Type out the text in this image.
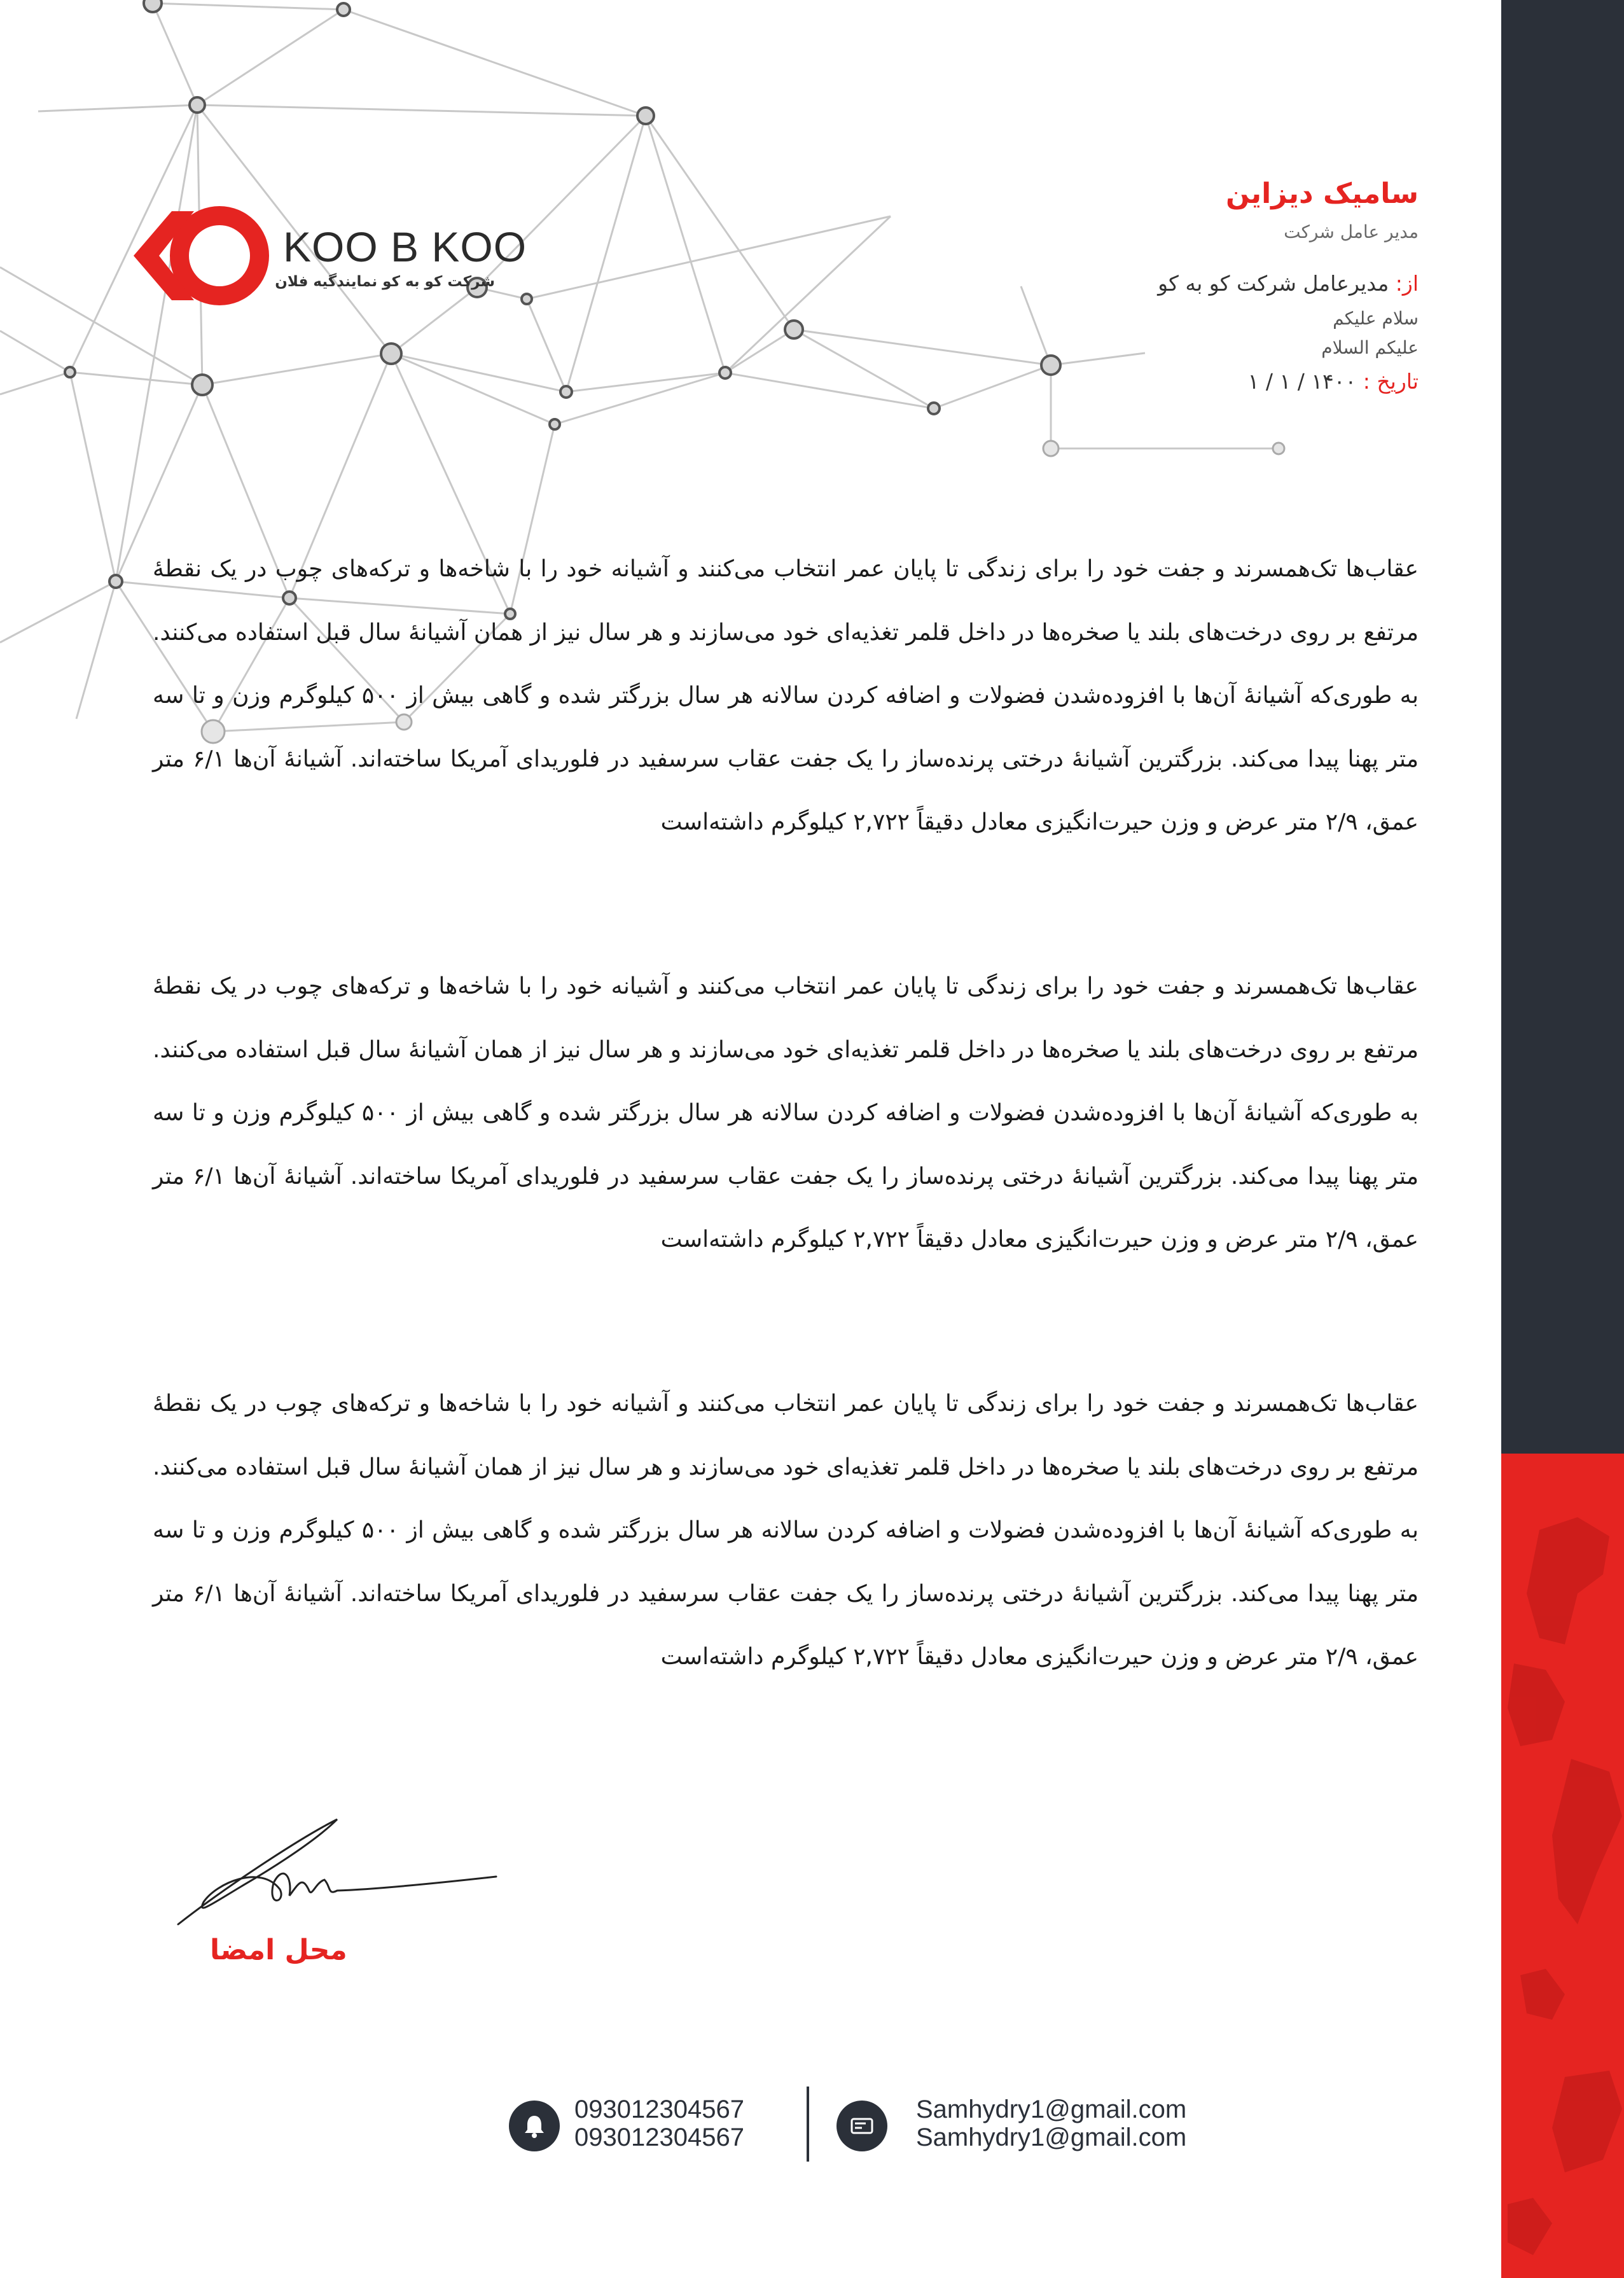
KOO B KOO
شرکت کو به کو نمایندگیه فلان
سامیک دیزاین
مدیر عامل شرکت
از: مدیرعامل شرکت کو به کو
سلام علیکم
علیکم السلام
تاریخ : ۱۴۰۰ / ۱ / ۱

عقاب‌ها تک‌همسرند و جفت خود را برای زندگی تا پایان عمر انتخاب می‌کنند و آشیانه خود را با شاخه‌ها و ترکه‌های چوب در یک نقطهٔ مرتفع بر روی درخت‌های بلند یا صخره‌ها در داخل قلمر تغذیه‌ای خود می‌سازند و هر سال نیز از همان آشیانهٔ سال قبل استفاده می‌کنند. به طوری‌که آشیانهٔ آن‌ها با افزوده‌شدن فضولات و اضافه کردن سالانه هر سال بزرگتر شده و گاهی بیش از ۵۰۰ کیلوگرم وزن و تا سه متر پهنا پیدا می‌کند. بزرگترین آشیانهٔ درختی پرنده‌ساز را یک جفت عقاب سرسفید در فلوریدای آمریکا ساخته‌اند. آشیانهٔ آن‌ها ۶/۱ متر عمق، ۲/۹ متر عرض و وزن حیرت‌انگیزی معادل دقیقاً ۲,۷۲۲ کیلوگرم داشته‌است

عقاب‌ها تک‌همسرند و جفت خود را برای زندگی تا پایان عمر انتخاب می‌کنند و آشیانه خود را با شاخه‌ها و ترکه‌های چوب در یک نقطهٔ مرتفع بر روی درخت‌های بلند یا صخره‌ها در داخل قلمر تغذیه‌ای خود می‌سازند و هر سال نیز از همان آشیانهٔ سال قبل استفاده می‌کنند. به طوری‌که آشیانهٔ آن‌ها با افزوده‌شدن فضولات و اضافه کردن سالانه هر سال بزرگتر شده و گاهی بیش از ۵۰۰ کیلوگرم وزن و تا سه متر پهنا پیدا می‌کند. بزرگترین آشیانهٔ درختی پرنده‌ساز را یک جفت عقاب سرسفید در فلوریدای آمریکا ساخته‌اند. آشیانهٔ آن‌ها ۶/۱ متر عمق، ۲/۹ متر عرض و وزن حیرت‌انگیزی معادل دقیقاً ۲,۷۲۲ کیلوگرم داشته‌است

عقاب‌ها تک‌همسرند و جفت خود را برای زندگی تا پایان عمر انتخاب می‌کنند و آشیانه خود را با شاخه‌ها و ترکه‌های چوب در یک نقطهٔ مرتفع بر روی درخت‌های بلند یا صخره‌ها در داخل قلمر تغذیه‌ای خود می‌سازند و هر سال نیز از همان آشیانهٔ سال قبل استفاده می‌کنند. به طوری‌که آشیانهٔ آن‌ها با افزوده‌شدن فضولات و اضافه کردن سالانه هر سال بزرگتر شده و گاهی بیش از ۵۰۰ کیلوگرم وزن و تا سه متر پهنا پیدا می‌کند. بزرگترین آشیانهٔ درختی پرنده‌ساز را یک جفت عقاب سرسفید در فلوریدای آمریکا ساخته‌اند. آشیانهٔ آن‌ها ۶/۱ متر عمق، ۲/۹ متر عرض و وزن حیرت‌انگیزی معادل دقیقاً ۲,۷۲۲ کیلوگرم داشته‌است

محل امضا
093012304567
093012304567
Samhydry1@gmail.com
Samhydry1@gmail.com
